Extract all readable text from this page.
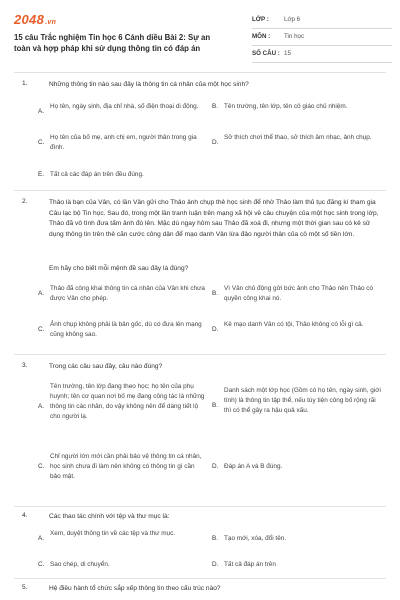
2048.vn
15 câu Trắc nghiệm Tin học 6 Cánh diều Bài 2: Sự an toàn và hợp pháp khi sử dụng thông tin có đáp án
LỚP : Lớp 6
MÔN : Tin học
SỐ CÂU : 15
1.	Những thông tin nào sau đây là thông tin cá nhân của một học sinh?
A.
Họ tên, ngày sinh, địa chỉ nhà, số điện thoại di động.	B. Tên trường, tên lớp, tên cô giáo chủ nhiệm.
C.
Họ tên của bố mẹ, anh chị em, người thân trong gia đình.
D.
Sở thích chơi thể thao, sở thích âm nhạc, ảnh chụp.
E. Tất cả các đáp án trên đều đúng.
2.	Thảo là bạn của Vân, có lần Vân gửi cho Thảo ảnh chụp thẻ học sinh để nhờ Thảo làm thủ tục đăng kí tham gia Câu lạc bộ Tin học. Sau đó, trong một lần tranh luận trên mạng xã hội về câu chuyện của một học sinh trong lớp, Thảo đã vô tình đưa tấm ảnh đó lên. Mặc dù ngay hôm sau Thảo đã xoá đi, nhưng một thời gian sau có kẻ sử dụng thông tin trên thẻ căn cước công dân để mạo danh Vân lừa đảo người thân của cô một số tiền lớn.
Em hãy cho biết mỗi mệnh đề sau đây là đúng?
A.
Thảo đã công khai thông tin cá nhân của Vân khi chưa được Vân cho phép.
B.
Vì Vân chủ động gửi bức ảnh cho Thảo nên Thảo có quyền công khai nó.
C.
Ảnh chụp không phải là bản gốc, dù có đưa lên mạng cũng không sao.
D.
Kẻ mạo danh Vân có tội, Thảo không có lỗi gì cả.
3.	Trong các câu sau đây, câu nào đúng?
A.
Tên trường, tên lớp đang theo học; họ tên của phụ huynh; tên cơ quan nơi bố mẹ đang công tác là những thông tin các nhân, do vậy không nên để dàng tiết lộ cho người lạ.
B.
Danh sách một lớp học (Gồm có họ tên, ngày sinh, giới tính) là thông tin tập thể, nếu tùy tiện công bố rộng rãi thì có thể gây ra hậu quả xấu.
C.
Chỉ người lớn mới cần phải bảo vệ thông tin cá nhân, học sinh chưa đi làm nên không có thông tin gì cần bảo mật.
D. Đáp án A và B đúng.
4.	Các thao tác chính với tệp và thư mục là:
A.
Xem, duyệt thông tin về các tệp và thư mục.
B. Tạo mới, xóa, đổi tên.
C. Sao chép, di chuyển.	D. Tất cả đáp án trên
5.	Hệ điều hành tổ chức sắp xếp thông tin theo cấu trúc nào?
